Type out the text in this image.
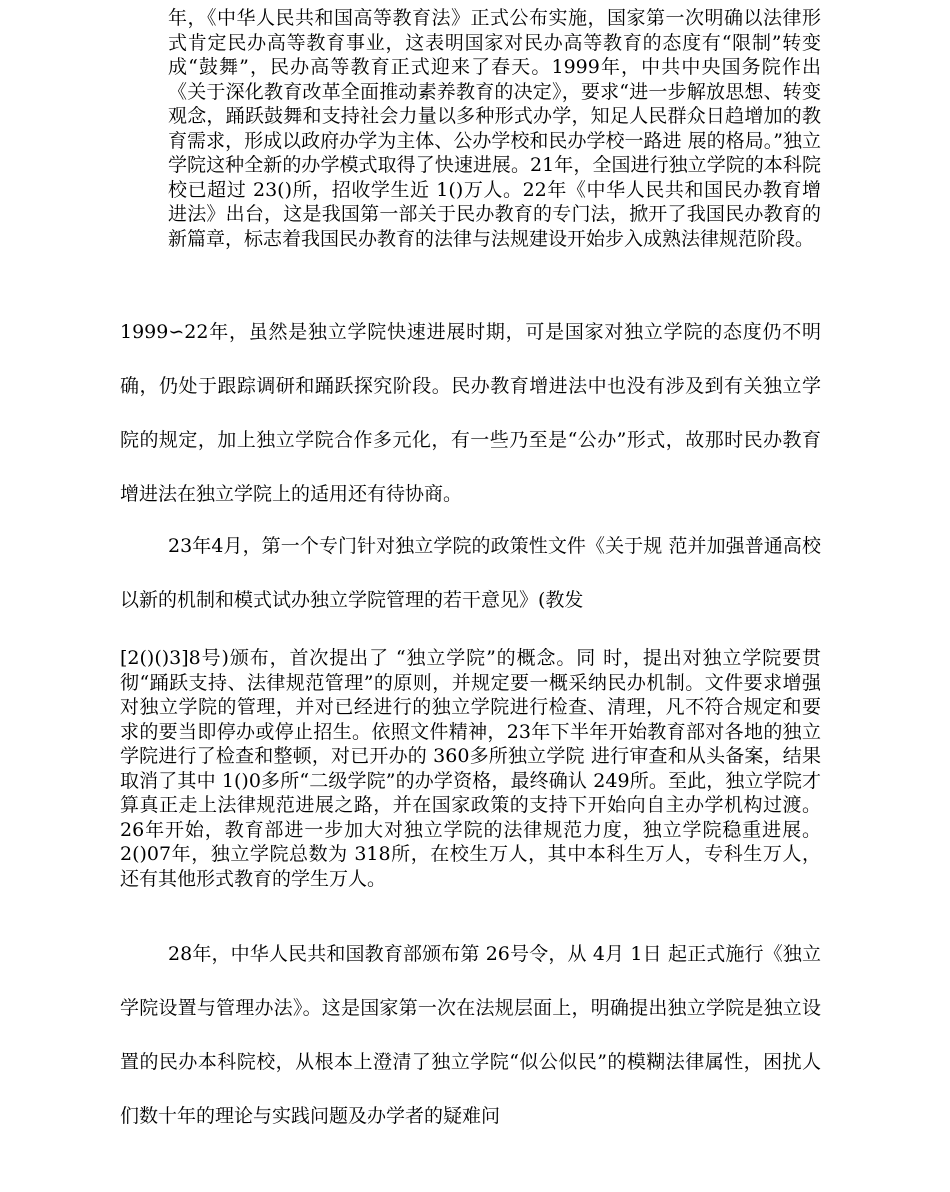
年，《中华人民共和国高等教育法》正式公布实施，国家第一次明确以法律形式肯定民办高等教育事业，这表明国家对民办高等教育的态度有“限制”转变成“鼓舞”，民办高等教育正式迎来了春天。1999年，中共中央国务院作出《关于深化教育改革全面推动素养教育的决定》，要求“进一步解放思想、转变观念，踊跃鼓舞和支持社会力量以多种形式办学，知足人民群众日趋增加的教育需求，形成以政府办学为主体、公办学校和民办学校一路进 展的格局。”独立学院这种全新的办学模式取得了快速进展。21年，全国进行独立学院的本科院校已超过 23()所，招收学生近 1()万人。22年《中华人民共和国民办教育增进法》出台，这是我国第一部关于民办教育的专门法，掀开了我国民办教育的新篇章，标志着我国民办教育的法律与法规建设开始步入成熟法律规范阶段。

1999∽22年，虽然是独立学院快速进展时期，可是国家对独立学院的态度仍不明确，仍处于跟踪调研和踊跃探究阶段。民办教育增进法中也没有涉及到有关独立学院的规定，加上独立学院合作多元化，有一些乃至是“公办”形式，故那时民办教育增进法在独立学院上的适用还有待协商。

23年4月，第一个专门针对独立学院的政策性文件《关于规 范并加强普通高校以新的机制和模式试办独立学院管理的若干意见》(教发

[2()()3]8号)颁布，首次提出了 “独立学院”的概念。同 时，提出对独立学院要贯彻“踊跃支持、法律规范管理”的原则，并规定要一概采纳民办机制。文件要求增强对独立学院的管理，并对已经进行的独立学院进行检查、清理，凡不符合规定和要求的要当即停办或停止招生。依照文件精神，23年下半年开始教育部对各地的独立学院进行了检查和整顿，对已开办的 360多所独立学院 进行审查和从头备案，结果取消了其中 1()0多所“二级学院”的办学资格，最终确认 249所。至此，独立学院才算真正走上法律规范进展之路，并在国家政策的支持下开始向自主办学机构过渡。26年开始，教育部进一步加大对独立学院的法律规范力度，独立学院稳重进展。2()07年，独立学院总数为 318所，在校生万人，其中本科生万人，专科生万人，还有其他形式教育的学生万人。

28年，中华人民共和国教育部颁布第 26号令，从 4月 1日 起正式施行《独立学院设置与管理办法》。这是国家第一次在法规层面上，明确提出独立学院是独立设置的民办本科院校，从根本上澄清了独立学院“似公似民”的模糊法律属性，困扰人们数十年的理论与实践问题及办学者的疑难问
